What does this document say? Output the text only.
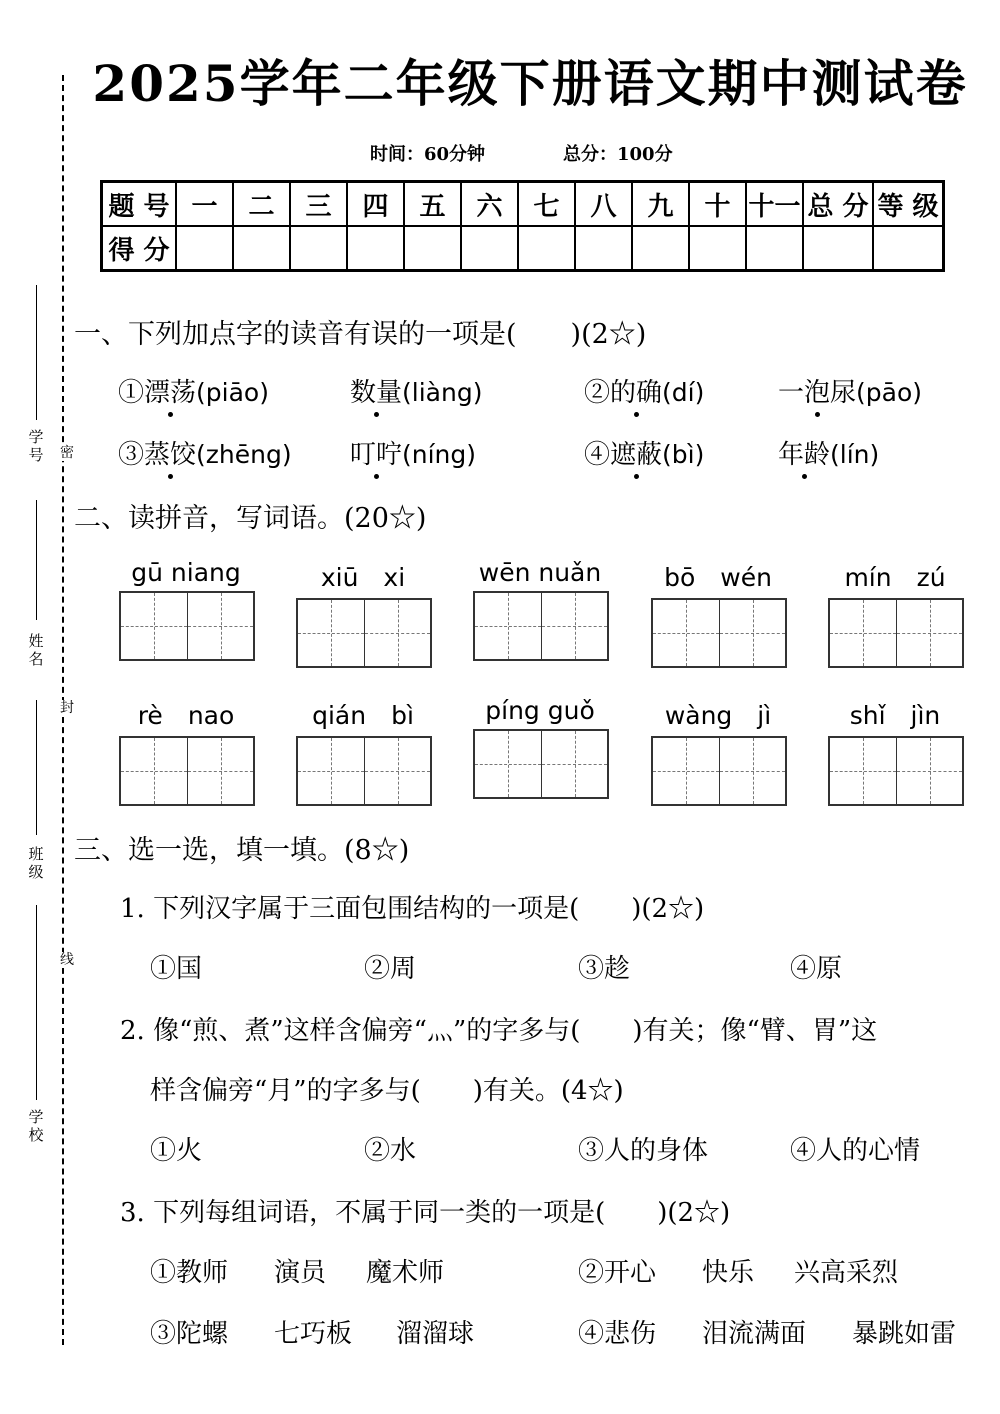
2025学年二年级下册语文期中测试卷
时间：60分钟	总分：100分
题 号	一	二	三	四	五	六	七	八	九	十	十一	总 分	等 级
得 分													
学号
姓名
班级
学校
密
封
线
一、下列加点字的读音有误的一项是(　　)(2☆)
①漂荡(piāo)	数量(liàng)	②的确(dí)	一泡尿(pāo)
③蒸饺(zhēng) 叮咛(níng)	④遮蔽(bì)	年龄(lín)
二、读拼音，写词语。(20☆)
gū niang	xiū　xi	wēn nuǎn	bō　wén	mín　zú
rè　nao	qián　bì	píng guǒ	wàng　jì	shǐ　jìn
三、选一选，填一填。(8☆)
1. 下列汉字属于三面包围结构的一项是(　　)(2☆)
①国	②周	③趁	④原
2. 像“煎、煮”这样含偏旁“灬”的字多与(　　)有关；像“臂、胃”这
样含偏旁“月”的字多与(　　)有关。(4☆)
①火	②水	③人的身体	④人的心情
3. 下列每组词语，不属于同一类的一项是(　　)(2☆)
①教师 演员 魔术师	②开心 快乐 兴高采烈
③陀螺 七巧板 溜溜球	④悲伤 泪流满面 暴跳如雷
